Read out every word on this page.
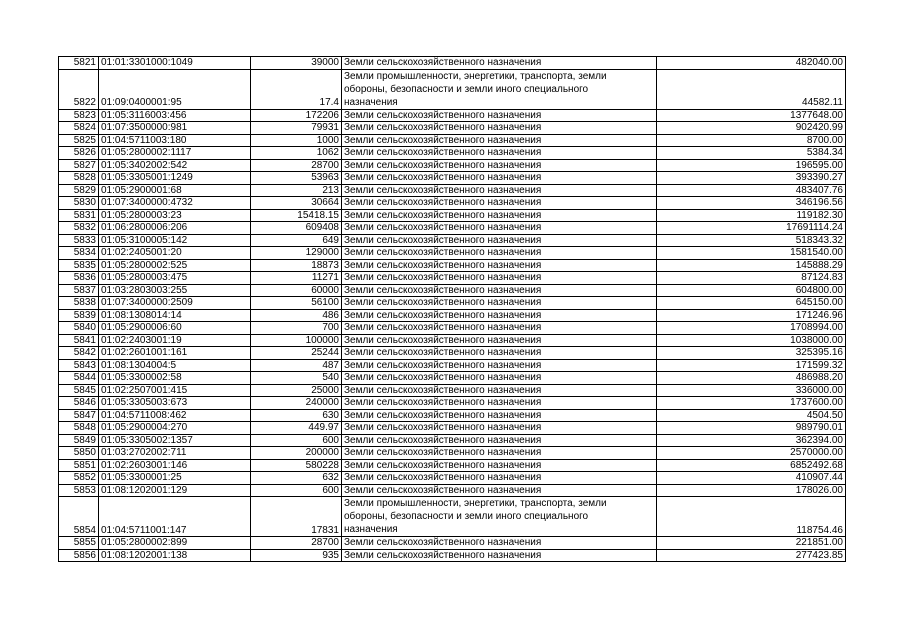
5821	01:01:3301000:1049	39000	Земли сельскохозяйственного назначения	482040.00
5822	01:09:0400001:95	17.4	Земли промышленности, энергетики, транспорта, земли
обороны, безопасности и земли иного специального
назначения	44582.11
5823	01:05:3116003:456	172206	Земли сельскохозяйственного назначения	1377648.00
5824	01:07:3500000:981	79931	Земли сельскохозяйственного назначения	902420.99
5825	01:04:5711003:180	1000	Земли сельскохозяйственного назначения	8700.00
5826	01:05:2800002:1117	1062	Земли сельскохозяйственного назначения	5384.34
5827	01:05:3402002:542	28700	Земли сельскохозяйственного назначения	196595.00
5828	01:05:3305001:1249	53963	Земли сельскохозяйственного назначения	393390.27
5829	01:05:2900001:68	213	Земли сельскохозяйственного назначения	483407.76
5830	01:07:3400000:4732	30664	Земли сельскохозяйственного назначения	346196.56
5831	01:05:2800003:23	15418.15	Земли сельскохозяйственного назначения	119182.30
5832	01:06:2800006:206	609408	Земли сельскохозяйственного назначения	17691114.24
5833	01:05:3100005:142	649	Земли сельскохозяйственного назначения	518343.32
5834	01:02:2405001:20	129000	Земли сельскохозяйственного назначения	1581540.00
5835	01:05:2800002:525	18873	Земли сельскохозяйственного назначения	145888.29
5836	01:05:2800003:475	11271	Земли сельскохозяйственного назначения	87124.83
5837	01:03:2803003:255	60000	Земли сельскохозяйственного назначения	604800.00
5838	01:07:3400000:2509	56100	Земли сельскохозяйственного назначения	645150.00
5839	01:08:1308014:14	486	Земли сельскохозяйственного назначения	171246.96
5840	01:05:2900006:60	700	Земли сельскохозяйственного назначения	1708994.00
5841	01:02:2403001:19	100000	Земли сельскохозяйственного назначения	1038000.00
5842	01:02:2601001:161	25244	Земли сельскохозяйственного назначения	325395.16
5843	01:08:1304004:5	487	Земли сельскохозяйственного назначения	171599.32
5844	01:05:3300002:58	540	Земли сельскохозяйственного назначения	486988.20
5845	01:02:2507001:415	25000	Земли сельскохозяйственного назначения	336000.00
5846	01:05:3305003:673	240000	Земли сельскохозяйственного назначения	1737600.00
5847	01:04:5711008:462	630	Земли сельскохозяйственного назначения	4504.50
5848	01:05:2900004:270	449.97	Земли сельскохозяйственного назначения	989790.01
5849	01:05:3305002:1357	600	Земли сельскохозяйственного назначения	362394.00
5850	01:03:2702002:711	200000	Земли сельскохозяйственного назначения	2570000.00
5851	01:02:2603001:146	580228	Земли сельскохозяйственного назначения	6852492.68
5852	01:05:3300001:25	632	Земли сельскохозяйственного назначения	410907.44
5853	01:08:1202001:129	600	Земли сельскохозяйственного назначения	178026.00
5854	01:04:5711001:147	17831	Земли промышленности, энергетики, транспорта, земли
обороны, безопасности и земли иного специального
назначения	118754.46
5855	01:05:2800002:899	28700	Земли сельскохозяйственного назначения	221851.00
5856	01:08:1202001:138	935	Земли сельскохозяйственного назначения	277423.85
